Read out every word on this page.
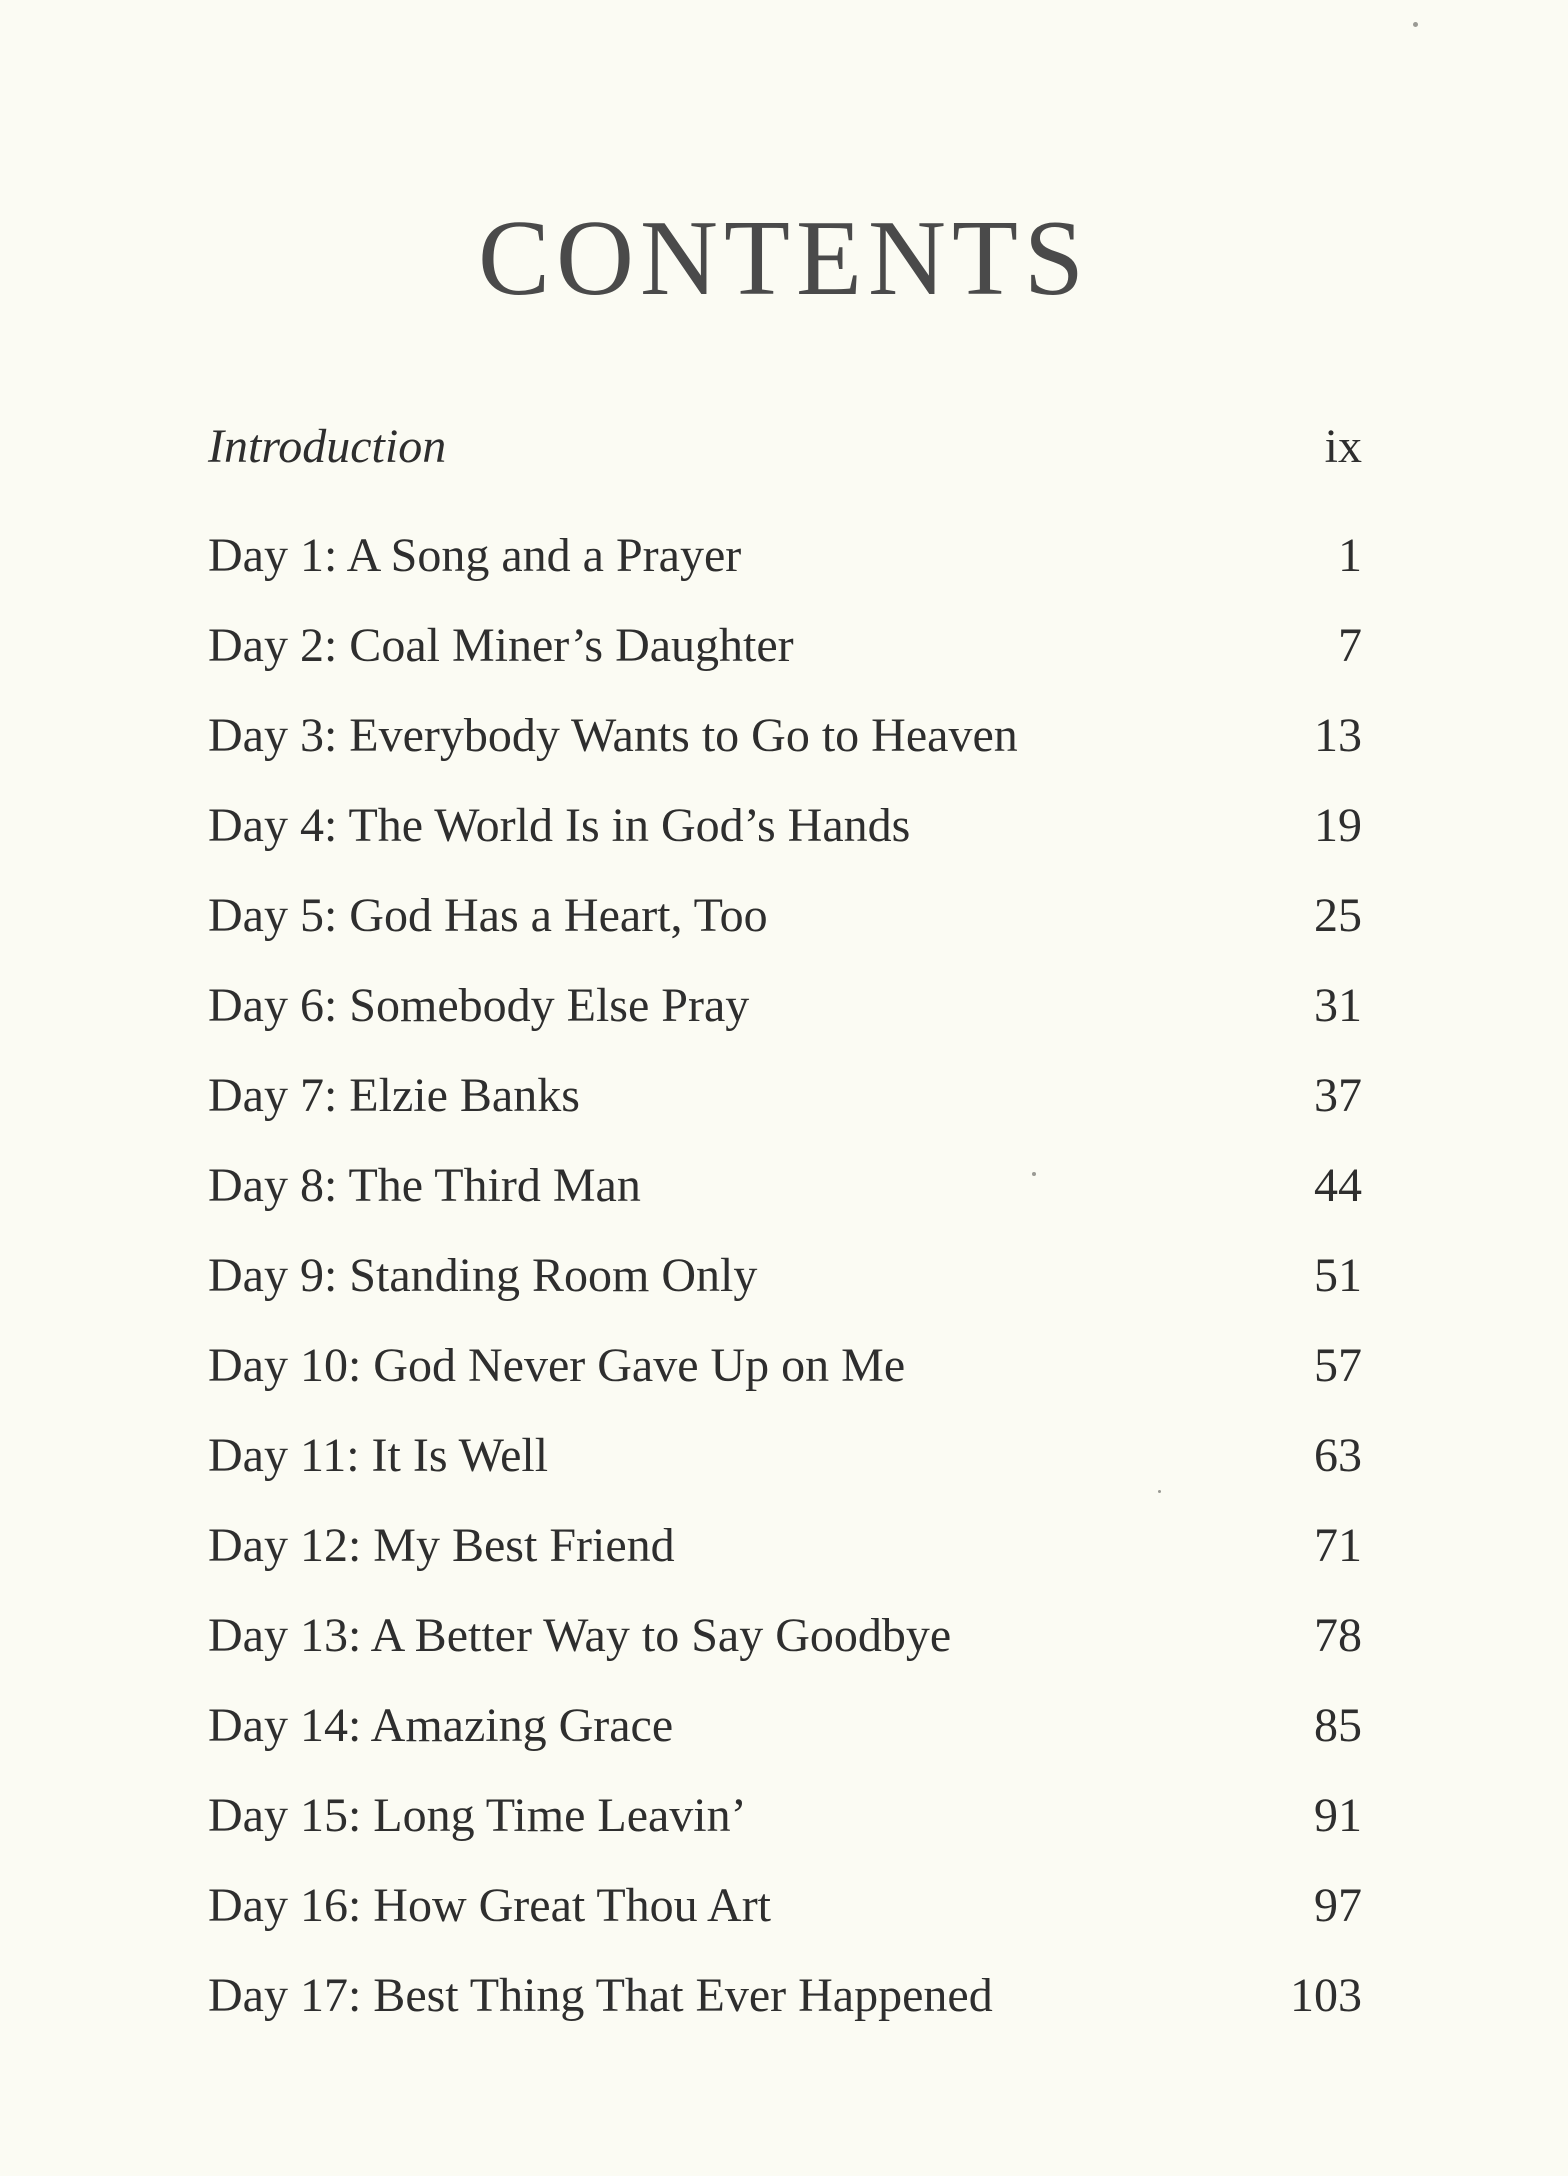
CONTENTS
Introduction	ix
Day 1: A Song and a Prayer	1
Day 2: Coal Miner’s Daughter	7
Day 3: Everybody Wants to Go to Heaven	13
Day 4: The World Is in God’s Hands	19
Day 5: God Has a Heart, Too	25
Day 6: Somebody Else Pray	31
Day 7: Elzie Banks	37
Day 8: The Third Man	44
Day 9: Standing Room Only	51
Day 10: God Never Gave Up on Me	57
Day 11: It Is Well	63
Day 12: My Best Friend	71
Day 13: A Better Way to Say Goodbye	78
Day 14: Amazing Grace	85
Day 15: Long Time Leavin’	91
Day 16: How Great Thou Art	97
Day 17: Best Thing That Ever Happened	103
